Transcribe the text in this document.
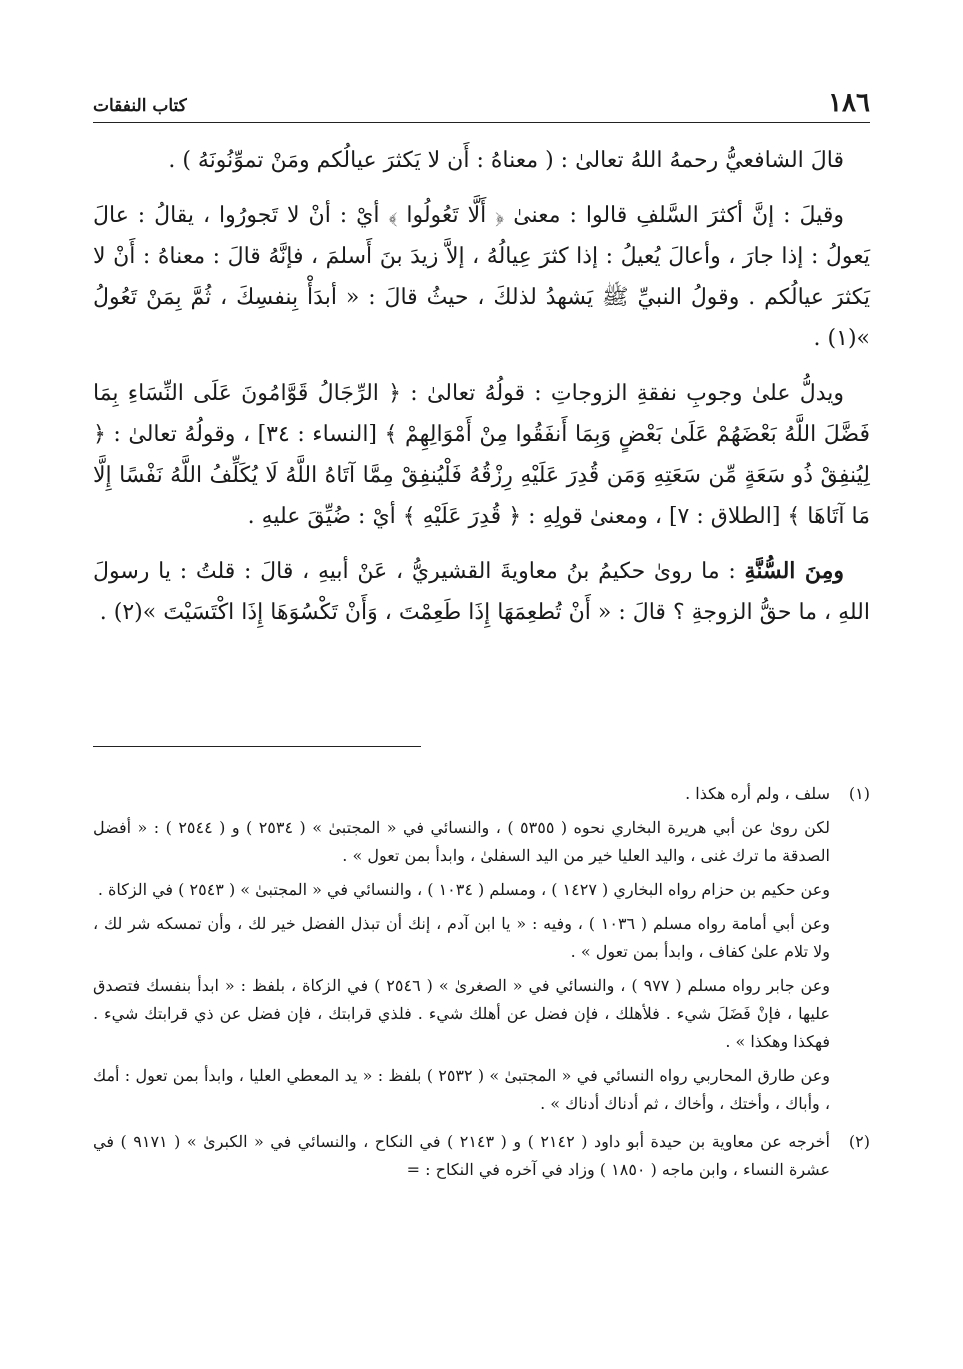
١٨٦
كتاب النفقات

قالَ الشافعيُّ رحمهُ اللهُ تعالىٰ : ( معناهُ : أَن لا يَكثرَ عيالُكم ومَنْ تموِّنُونَهُ ) .

وقيلَ : إنَّ أكثرَ السَّلفِ قالوا : معنىٰ ﴿ أَلَّا تَعُولُوا ﴾ أيْ : أنْ لا تَجورُوا ، يقالُ : عالَ يَعولُ : إذا جارَ ، وأعالَ يُعيلُ : إذا كثرَ عِيالُهُ ، إلاَّ زيدَ بنَ أَسلمَ ، فإنَّهُ قالَ : معناهُ : أَنْ لا يَكثرَ عيالُكم . وقولُ النبيِّ ﷺ يَشهدُ لذلكَ ، حيثُ قالَ : « أبدَأْ بِنفسِكَ ، ثُمَّ بِمَنْ تَعُولُ »(١) .

ويدلُّ علىٰ وجوبِ نفقةِ الزوجاتِ : قولُهُ تعالىٰ : ﴿ الرِّجَالُ قَوَّامُونَ عَلَى النِّسَاءِ بِمَا فَضَّلَ اللَّهُ بَعْضَهُمْ عَلَىٰ بَعْضٍ وَبِمَا أَنفَقُوا مِنْ أَمْوَالِهِمْ ﴾ [النساء : ٣٤] ، وقولُهُ تعالىٰ : ﴿ لِيُنفِقْ ذُو سَعَةٍ مِّن سَعَتِهِ وَمَن قُدِرَ عَلَيْهِ رِزْقُهُ فَلْيُنفِقْ مِمَّا آتَاهُ اللَّهُ لَا يُكَلِّفُ اللَّهُ نَفْسًا إِلَّا مَا آتَاهَا ﴾ [الطلاق : ٧] ، ومعنىٰ قولِهِ : ﴿ قُدِرَ عَلَيْهِ ﴾ أيْ : ضُيِّقَ عليهِ .

ومِنَ السُّنَّةِ : ما روىٰ حكيمُ بنُ معاويةَ القشيريُّ ، عَنْ أبيهِ ، قالَ : قلتُ : يا رسولَ اللهِ ، ما حقُّ الزوجةِ ؟ قالَ : « أَنْ تُطعِمَهَا إِذَا طَعِمْتَ ، وَأَنْ تَكْسُوَهَا إِذَا اكْتَسَيْتَ »(٢) .

(١)

سلف ، ولم أره هكذا .

لكن روىٰ عن أبي هريرة البخاري نحوه ( ٥٣٥٥ ) ، والنسائي في « المجتبىٰ » ( ٢٥٣٤ ) و ( ٢٥٤٤ ) : « أفضل الصدقة ما ترك غنى ، واليد العليا خير من اليد السفلىٰ ، وابدأ بمن تعول » .

وعن حكيم بن حزام رواه البخاري ( ١٤٢٧ ) ، ومسلم ( ١٠٣٤ ) ، والنسائي في « المجتبىٰ » ( ٢٥٤٣ ) في الزكاة .

وعن أبي أمامة رواه مسلم ( ١٠٣٦ ) ، وفيه : « يا ابن آدم ، إنك أن تبذل الفضل خير لك ، وأن تمسكه شر لك ، ولا تلام علىٰ كفاف ، وابدأ بمن تعول » .

وعن جابر رواه مسلم ( ٩٧٧ ) ، والنسائي في « الصغرىٰ » ( ٢٥٤٦ ) في الزكاة ، بلفظ : « ابدأ بنفسك فتصدق عليها ، فإنْ فَضَلَ شيء . فلأهلك ، فإن فضل عن أهلك شيء . فلذي قرابتك ، فإن فضل عن ذي قرابتك شيء . فهكذا وهكذا » .

وعن طارق المحاربي رواه النسائي في « المجتبىٰ » ( ٢٥٣٢ ) بلفظ : « يد المعطي العليا ، وابدأ بمن تعول : أمك ، وأباك ، وأختك ، وأخاك ، ثم أدناك أدناك » .

(٢)

أخرجه عن معاوية بن حيدة أبو داود ( ٢١٤٢ ) و ( ٢١٤٣ ) في النكاح ، والنسائي في « الكبرىٰ » ( ٩١٧١ ) في عشرة النساء ، وابن ماجه ( ١٨٥٠ ) وزاد في آخره في النكاح : =
